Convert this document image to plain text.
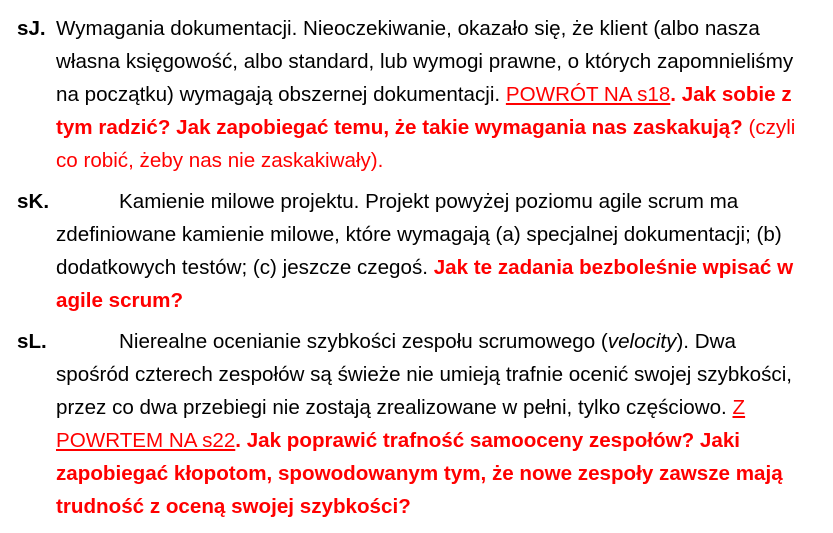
sJ. Wymagania dokumentacji. Nieoczekiwanie, okazało się, że klient (albo nasza własna księgowość, albo standard, lub wymogi prawne, o których zapomnieliśmy na początku) wymagają obszernej dokumentacji. POWRÓT NA s18. Jak sobie z tym radzić? Jak zapobiegać temu, że takie wymagania nas zaskakują? (czyli co robić, żeby nas nie zaskakiwały).
sK.	Kamienie milowe projektu. Projekt powyżej poziomu agile scrum ma zdefiniowane kamienie milowe, które wymagają (a) specjalnej dokumentacji; (b) dodatkowych testów; (c) jeszcze czegoś. Jak te zadania bezboleśnie wpisać w agile scrum?
sL.	Nierealne ocenianie szybkości zespołu scrumowego (velocity). Dwa spośród czterech zespołów są świeże nie umieją trafnie ocenić swojej szybkości, przez co dwa przebiegi nie zostają zrealizowane w pełni, tylko częściowo. Z POWRTEM NA s22. Jak poprawić trafność samooceny zespołów? Jaki zapobiegać kłopotom, spowodowanym tym, że nowe zespoły zawsze mają trudność z oceną swojej szybkości?
